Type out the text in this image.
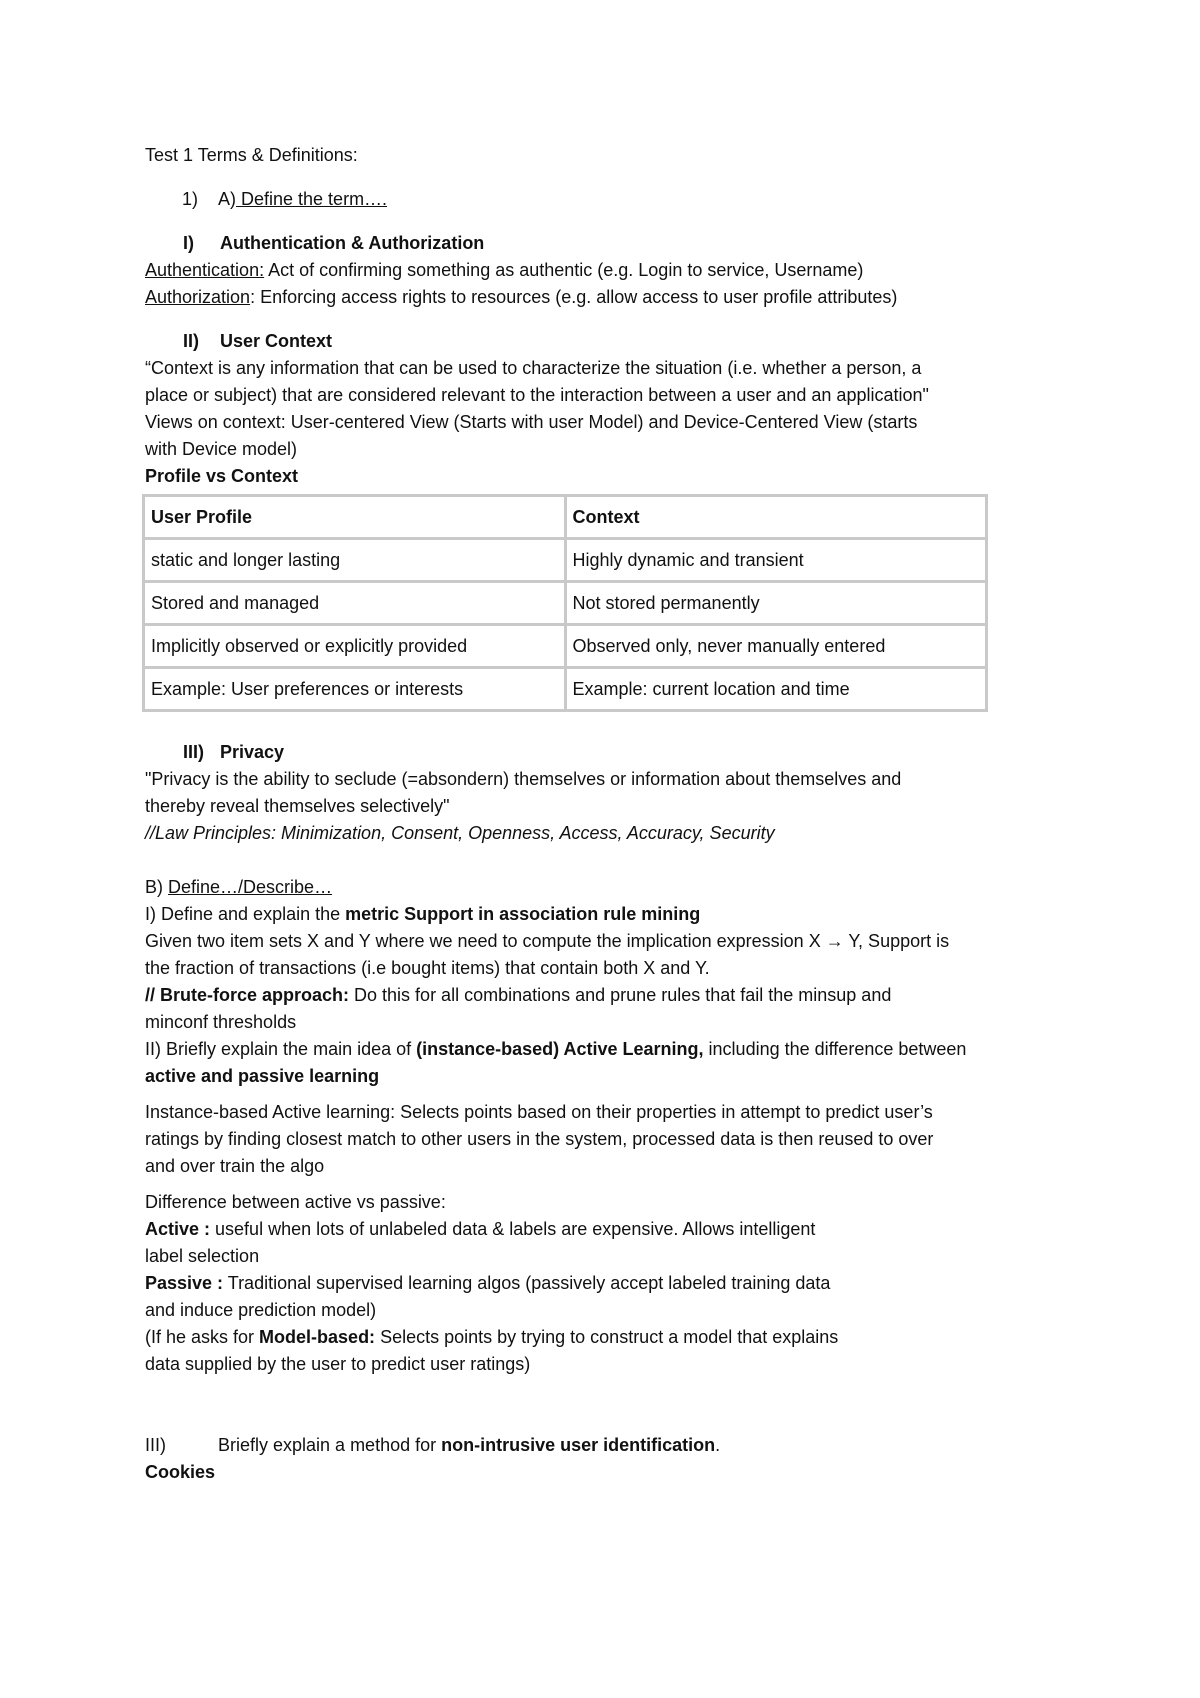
Test 1 Terms & Definitions:
1) A) Define the term….
I) Authentication & Authorization
Authentication: Act of confirming something as authentic (e.g. Login to service, Username)
Authorization: Enforcing access rights to resources (e.g. allow access to user profile attributes)
II) User Context
“Context is any information that can be used to characterize the situation (i.e. whether a person, a
place or subject) that are considered relevant to the interaction between a user and an application"
Views on context: User-centered View (Starts with user Model) and Device-Centered View (starts
with Device model)
Profile vs Context
User Profile	Context
static and longer lasting	Highly dynamic and transient
Stored and managed	Not stored permanently
Implicitly observed or explicitly provided	Observed only, never manually entered
Example: User preferences or interests	Example: current location and time
III) Privacy
"Privacy is the ability to seclude (=absondern) themselves or information about themselves and
thereby reveal themselves selectively"
//Law Principles: Minimization, Consent, Openness, Access, Accuracy, Security
B) Define…/Describe…
I) Define and explain the metric Support in association rule mining
Given two item sets X and Y where we need to compute the implication expression X → Y, Support is
the fraction of transactions (i.e bought items) that contain both X and Y.
// Brute-force approach: Do this for all combinations and prune rules that fail the minsup and
minconf thresholds
II) Briefly explain the main idea of (instance-based) Active Learning, including the difference between
active and passive learning
Instance-based Active learning: Selects points based on their properties in attempt to predict user’s
ratings by finding closest match to other users in the system, processed data is then reused to over
and over train the algo
Difference between active vs passive:
Active : useful when lots of unlabeled data & labels are expensive. Allows intelligent
label selection
Passive : Traditional supervised learning algos (passively accept labeled training data
and induce prediction model)
(If he asks for Model-based: Selects points by trying to construct a model that explains
data supplied by the user to predict user ratings)
III)	Briefly explain a method for non-intrusive user identification.
Cookies
